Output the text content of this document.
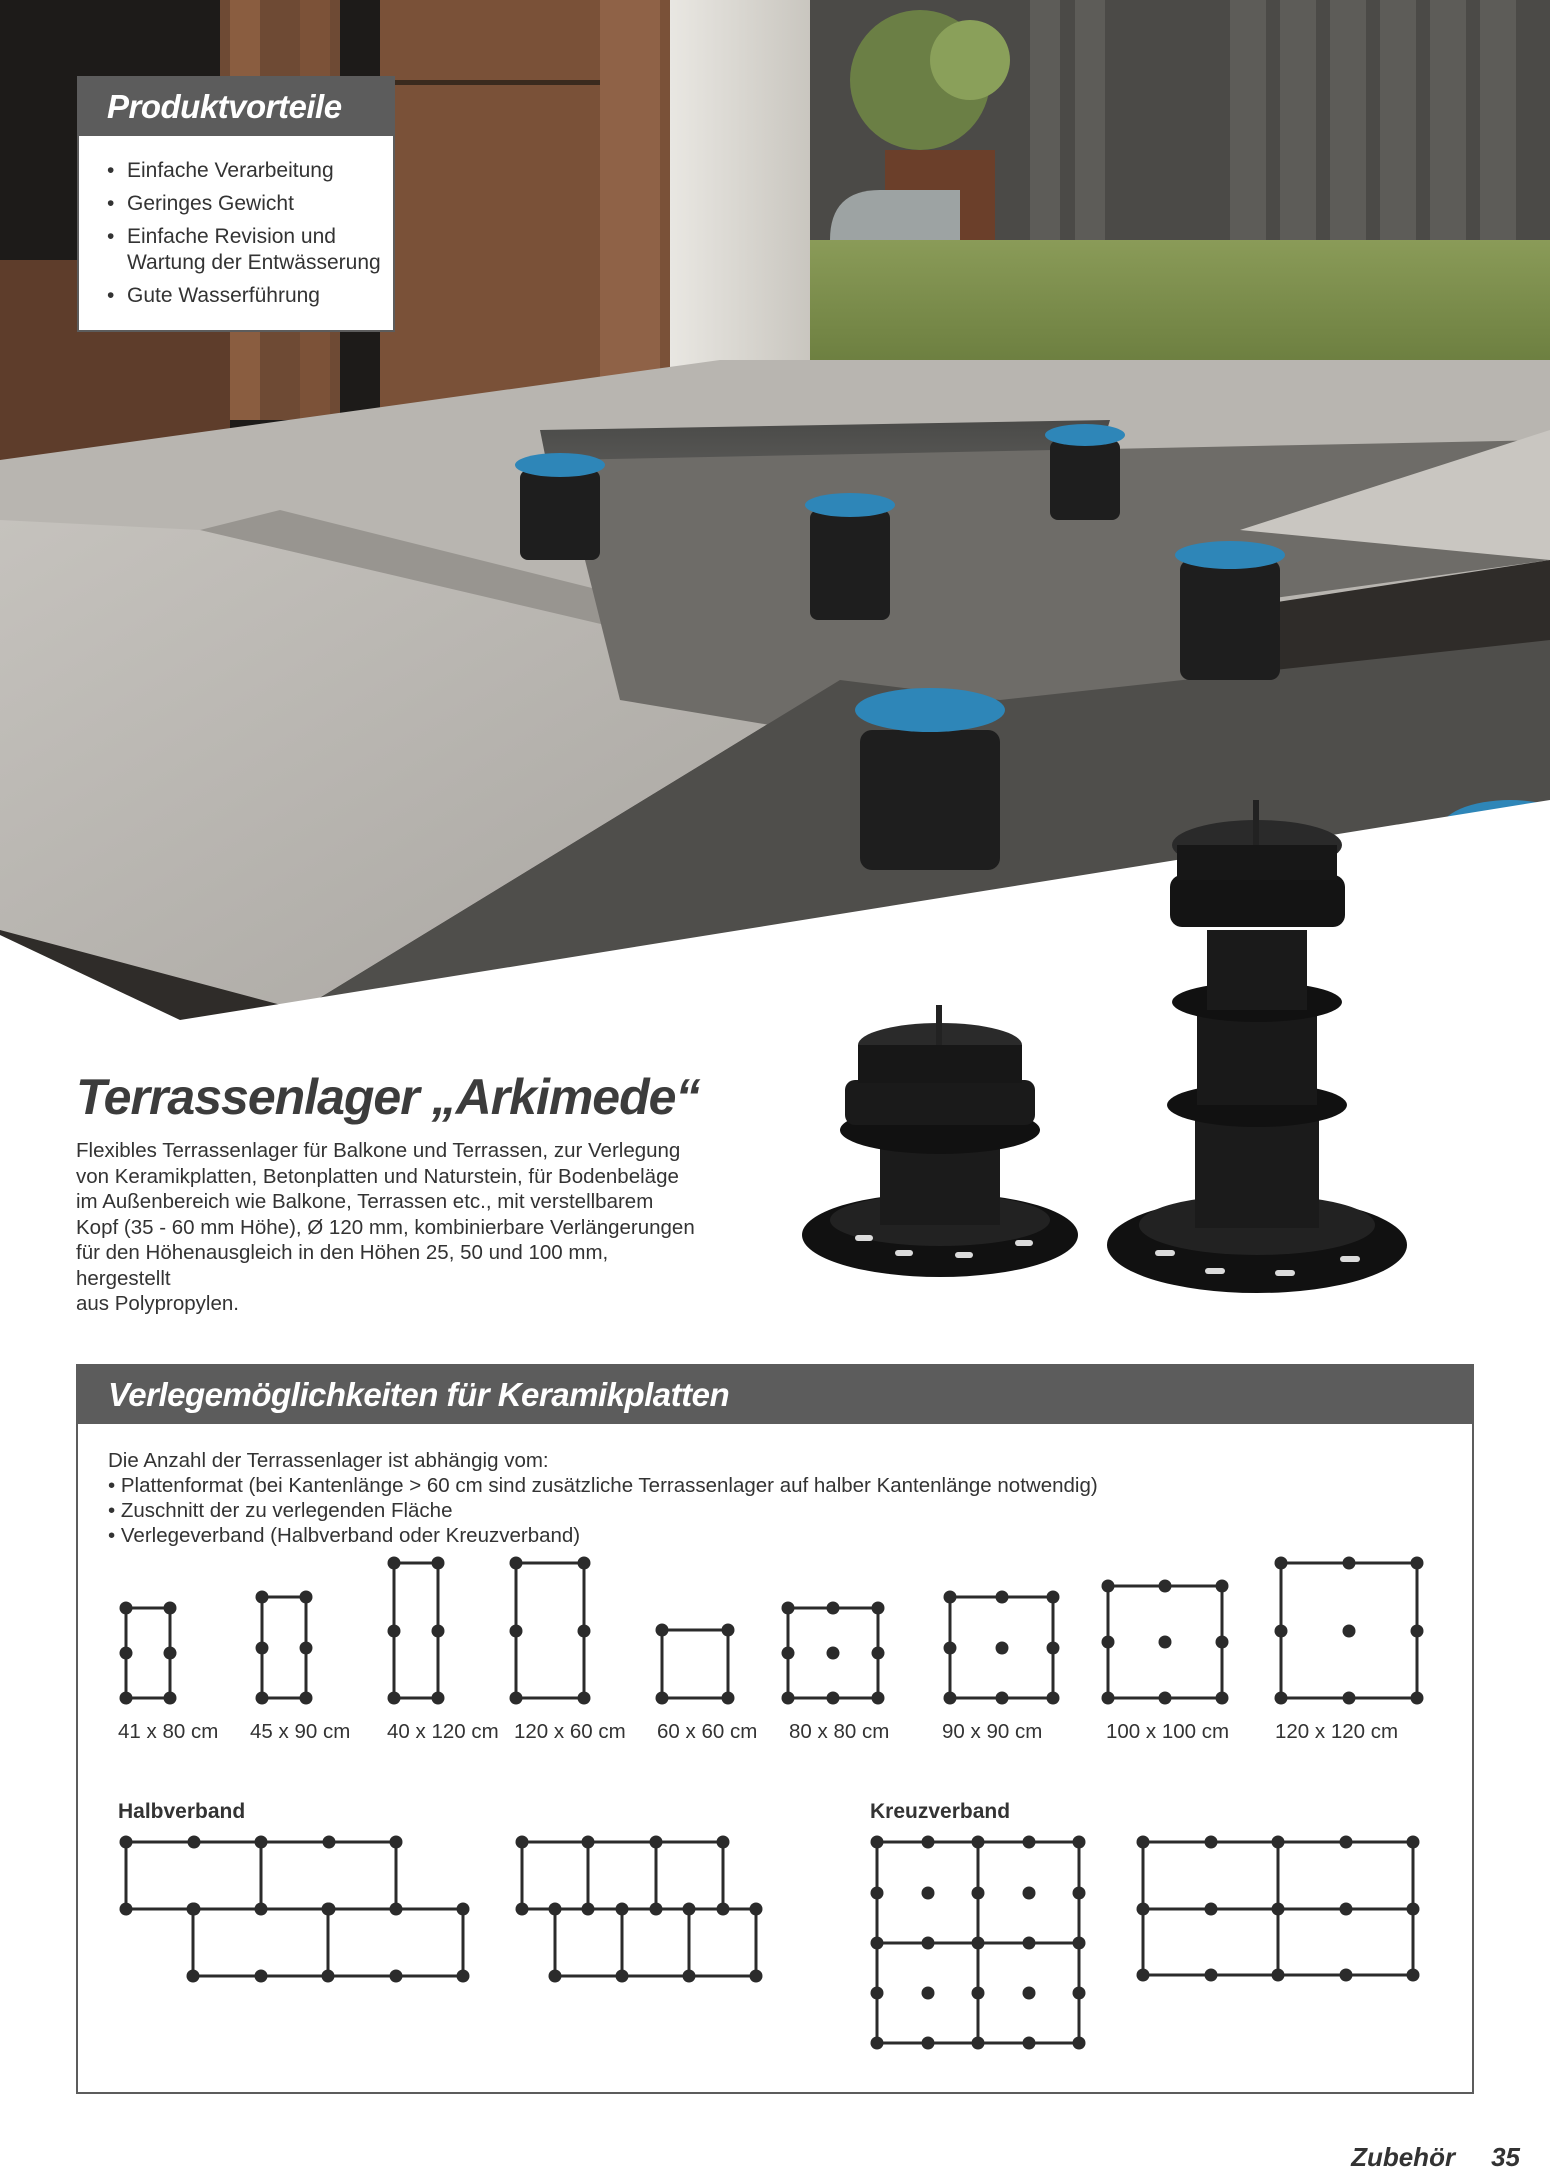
Produktvorteile
• Einfache Verarbeitung
• Geringes Gewicht
• Einfache Revision und
Wartung der Entwässerung
• Gute Wasserführung
Terrassenlager „Arkimede“

Flexibles Terrassenlager für Balkone und Terrassen, zur Verlegung
von Keramikplatten, Betonplatten und Naturstein, für Bodenbeläge
im Außenbereich wie Balkone, Terrassen etc., mit verstellbarem
Kopf (35 - 60 mm Höhe), Ø 120 mm, kombinierbare Verlängerungen
für den Höhenausgleich in den Höhen 25, 50 und 100 mm, hergestellt
aus Polypropylen.

Verlegemöglichkeiten für Keramikplatten

Die Anzahl der Terrassenlager ist abhängig vom:

• Plattenformat (bei Kantenlänge > 60 cm sind zusätzliche Terrassenlager auf halber Kantenlänge notwendig)

• Zuschnitt der zu verlegenden Fläche

• Verlegeverband (Halbverband oder Kreuzverband)

41 x 80 cm 45 x 90 cm 40 x 120 cm 120 x 60 cm 60 x 60 cm 80 x 80 cm	90 x 90 cm	100 x 100 cm 120 x 120 cm
Halbverband	Kreuzverband
Zubehör 35
